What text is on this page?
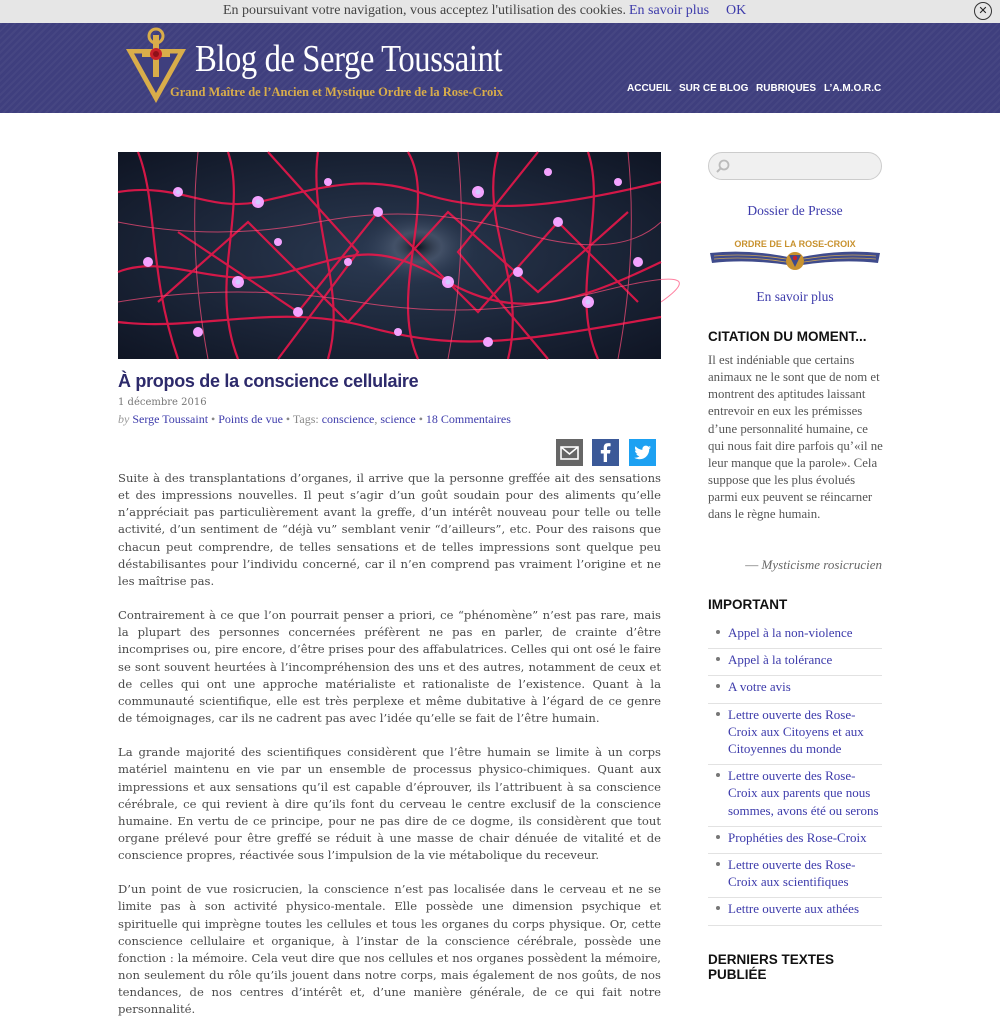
En poursuivant votre navigation, vous acceptez l'utilisation des cookies. En savoir plus OK	✕
Blog de Serge Toussaint
Grand Maître de l’Ancien et Mystique Ordre de la Rose-Croix	ACCUEIL SUR CE BLOG RUBRIQUES L’A.M.O.R.C
À propos de la conscience cellulaire
1 décembre 2016
by Serge Toussaint • Points de vue • Tags: conscience, science • 18 Commentaires

Suite à des transplantations d’organes, il arrive que la personne greffée ait des sensations et des impressions nouvelles. Il peut s’agir d’un goût soudain pour des aliments qu’elle n’appréciait pas particulièrement avant la greffe, d’un intérêt nouveau pour telle ou telle activité, d’un sentiment de “déjà vu” semblant venir “d’ailleurs”, etc. Pour des raisons que chacun peut comprendre, de telles sensations et de telles impressions sont quelque peu déstabilisantes pour l’individu concerné, car il n’en comprend pas vraiment l’origine et ne les maîtrise pas.

Contrairement à ce que l’on pourrait penser a priori, ce “phénomène” n’est pas rare, mais la plupart des personnes concernées préfèrent ne pas en parler, de crainte d’être incomprises ou, pire encore, d’être prises pour des affabulatrices. Celles qui ont osé le faire se sont souvent heurtées à l’incompréhension des uns et des autres, notamment de ceux et de celles qui ont une approche matérialiste et rationaliste de l’existence. Quant à la communauté scientifique, elle est très perplexe et même dubitative à l’égard de ce genre de témoignages, car ils ne cadrent pas avec l’idée qu’elle se fait de l’être humain.

La grande majorité des scientifiques considèrent que l’être humain se limite à un corps matériel maintenu en vie par un ensemble de processus physico-chimiques. Quant aux impressions et aux sensations qu’il est capable d’éprouver, ils l’attribuent à sa conscience cérébrale, ce qui revient à dire qu’ils font du cerveau le centre exclusif de la conscience humaine. En vertu de ce principe, pour ne pas dire de ce dogme, ils considèrent que tout organe prélevé pour être greffé se réduit à une masse de chair dénuée de vitalité et de conscience propres, réactivée sous l’impulsion de la vie métabolique du receveur.

D’un point de vue rosicrucien, la conscience n’est pas localisée dans le cerveau et ne se limite pas à son activité physico-mentale. Elle possède une dimension psychique et spirituelle qui imprègne toutes les cellules et tous les organes du corps physique. Or, cette conscience cellulaire et organique, à l’instar de la conscience cérébrale, possède une fonction : la mémoire. Cela veut dire que nos cellules et nos organes possèdent la mémoire, non seulement du rôle qu’ils jouent dans notre corps, mais également de nos goûts, de nos tendances, de nos centres d’intérêt et, d’une manière générale, de ce qui fait notre personnalité.

Dossier de Presse
ORDRE DE LA ROSE-CROIX
En savoir plus
CITATION DU MOMENT...

Il est indéniable que certains animaux ne le sont que de nom et montrent des aptitudes laissant entrevoir en eux les prémisses d’une personnalité humaine, ce qui nous fait dire parfois qu’«il ne leur manque que la parole». Cela suppose que les plus évolués parmi eux peuvent se réincarner dans le règne humain.

— Mysticisme rosicrucien
IMPORTANT
Appel à la non-violence
Appel à la tolérance
A votre avis
Lettre ouverte des Rose-Croix aux Citoyens et aux Citoyennes du monde
Lettre ouverte des Rose-Croix aux parents que nous sommes, avons été ou serons
Prophéties des Rose-Croix
Lettre ouverte des Rose-Croix aux scientifiques
Lettre ouverte aux athées
DERNIERS TEXTES PUBLIÉE
